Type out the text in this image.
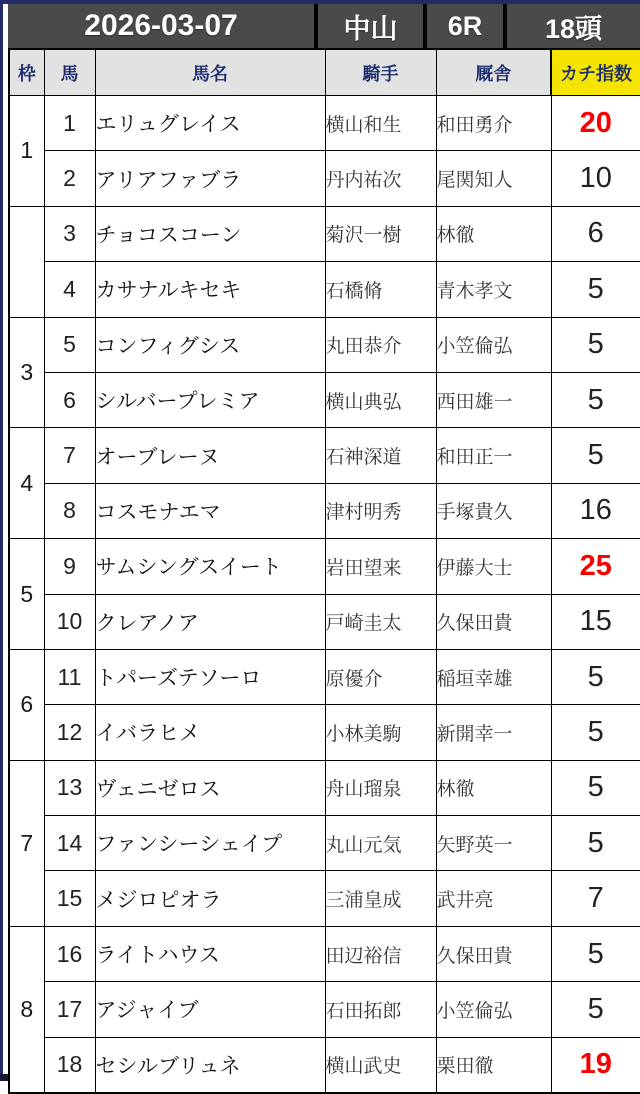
2026-03-07	中山	6R	18頭
枠	馬	馬名	騎手	厩舎	カチ指数
1	1	エリュグレイス	横山和生	和田勇介	20
	2	アリアファブラ	丹内祐次	尾関知人	10
2	3	チョコスコーン	菊沢一樹	林徹	6
	4	カサナルキセキ	石橋脩	青木孝文	5
3	5	コンフィグシス	丸田恭介	小笠倫弘	5
	6	シルバープレミア	横山典弘	西田雄一	5
4	7	オーブレーヌ	石神深道	和田正一	5
	8	コスモナエマ	津村明秀	手塚貴久	16
5	9	サムシングスイート	岩田望来	伊藤大士	25
	10	クレアノア	戸崎圭太	久保田貴	15
6	11	トパーズテソーロ	原優介	稲垣幸雄	5
	12	イバラヒメ	小林美駒	新開幸一	5
7	13	ヴェニゼロス	舟山瑠泉	林徹	5
	14	ファンシーシェイプ	丸山元気	矢野英一	5
	15	メジロピオラ	三浦皇成	武井亮	7
8	16	ライトハウス	田辺裕信	久保田貴	5
	17	アジャイブ	石田拓郎	小笠倫弘	5
	18	セシルブリュネ	横山武史	栗田徹	19
